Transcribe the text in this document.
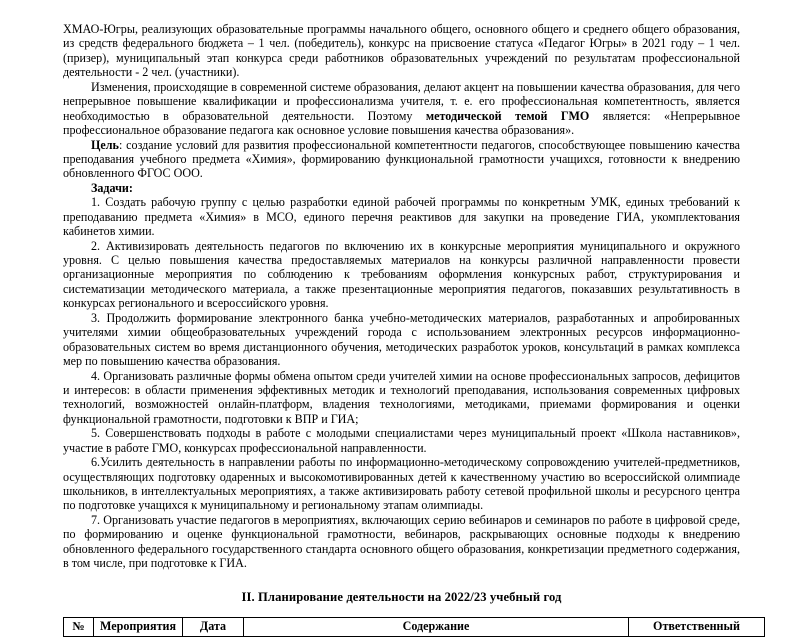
ХМАО-Югры, реализующих образовательные программы начального общего, основного общего и среднего общего образования, из средств федерального бюджета – 1 чел. (победитель), конкурс на присвоение статуса «Педагог Югры» в 2021 году – 1 чел. (призер), муниципальный этап конкурса среди работников образовательных учреждений по результатам профессиональной деятельности - 2 чел. (участники).

Изменения, происходящие в современной системе образования, делают акцент на повышении качества образования, для чего непрерывное повышение квалификации и профессионализма учителя, т. е. его профессиональная компетентность, является необходимостью в образовательной деятельности. Поэтому методической темой ГМО является: «Непрерывное профессиональное образование педагога как основное условие повышения качества образования».

Цель: создание условий для развития профессиональной компетентности педагогов, способствующее повышению качества преподавания учебного предмета «Химия», формированию функциональной грамотности учащихся, готовности к внедрению обновленного ФГОС ООО.

Задачи:

1. Создать рабочую группу с целью разработки единой рабочей программы по конкретным УМК, единых требований к преподаванию предмета «Химия» в МСО, единого перечня реактивов для закупки на проведение ГИА, укомплектования кабинетов химии.

2. Активизировать деятельность педагогов по включению их в конкурсные мероприятия муниципального и окружного уровня. С целью повышения качества предоставляемых материалов на конкурсы различной направленности провести организационные мероприятия по соблюдению к требованиям оформления конкурсных работ, структурирования и систематизации методического материала, а также презентационные мероприятия педагогов, показавших результативность в конкурсах регионального и всероссийского уровня.

3. Продолжить формирование электронного банка учебно-методических материалов, разработанных и апробированных учителями химии общеобразовательных учреждений города с использованием электронных ресурсов информационно-образовательных систем во время дистанционного обучения, методических разработок уроков, консультаций в рамках комплекса мер по повышению качества образования.

4. Организовать различные формы обмена опытом среди учителей химии на основе профессиональных запросов, дефицитов и интересов: в области применения эффективных методик и технологий преподавания, использования современных цифровых технологий, возможностей онлайн-платформ, владения технологиями, методиками, приемами формирования и оценки функциональной грамотности, подготовки к ВПР и ГИА;

5. Совершенствовать подходы в работе с молодыми специалистами через муниципальный проект «Школа наставников», участие в работе ГМО, конкурсах профессиональной направленности.

6.Усилить деятельность в направлении работы по информационно-методическому сопровождению учителей-предметников, осуществляющих подготовку одаренных и высокомотивированных детей к качественному участию во всероссийской олимпиаде школьников, в интеллектуальных мероприятиях, а также активизировать работу сетевой профильной школы и ресурсного центра по подготовке учащихся к муниципальному и региональному этапам олимпиады.

7. Организовать участие педагогов в мероприятиях, включающих серию вебинаров и семинаров по работе в цифровой среде, по формированию и оценке функциональной грамотности, вебинаров, раскрывающих основные подходы к внедрению обновленного федерального государственного стандарта основного общего образования, конкретизации предметного содержания, в том числе, при подготовке к ГИА.

II. Планирование деятельности на 2022/23 учебный год
№	Мероприятия	Дата	Содержание	Ответственный
